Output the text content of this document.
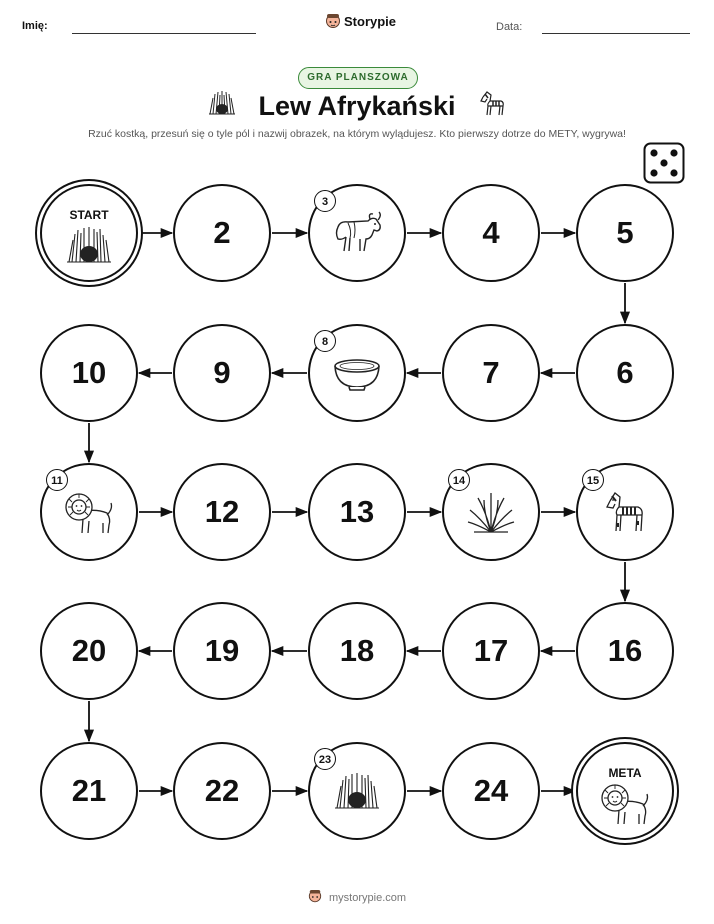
Imię:	Storypie	Data:
GRA PLANSZOWA
Lew Afrykański
Rzuć kostką, przesuń się o tyle pól i nazwij obrazek, na którym wylądujesz. Kto pierwszy dotrze do METY, wygrywa!
START	2
3
4	5
6
7
8
9
10
11
12	13
14	15
16
17
18
19
20
21	22
23
24	META
mystorypie.com
